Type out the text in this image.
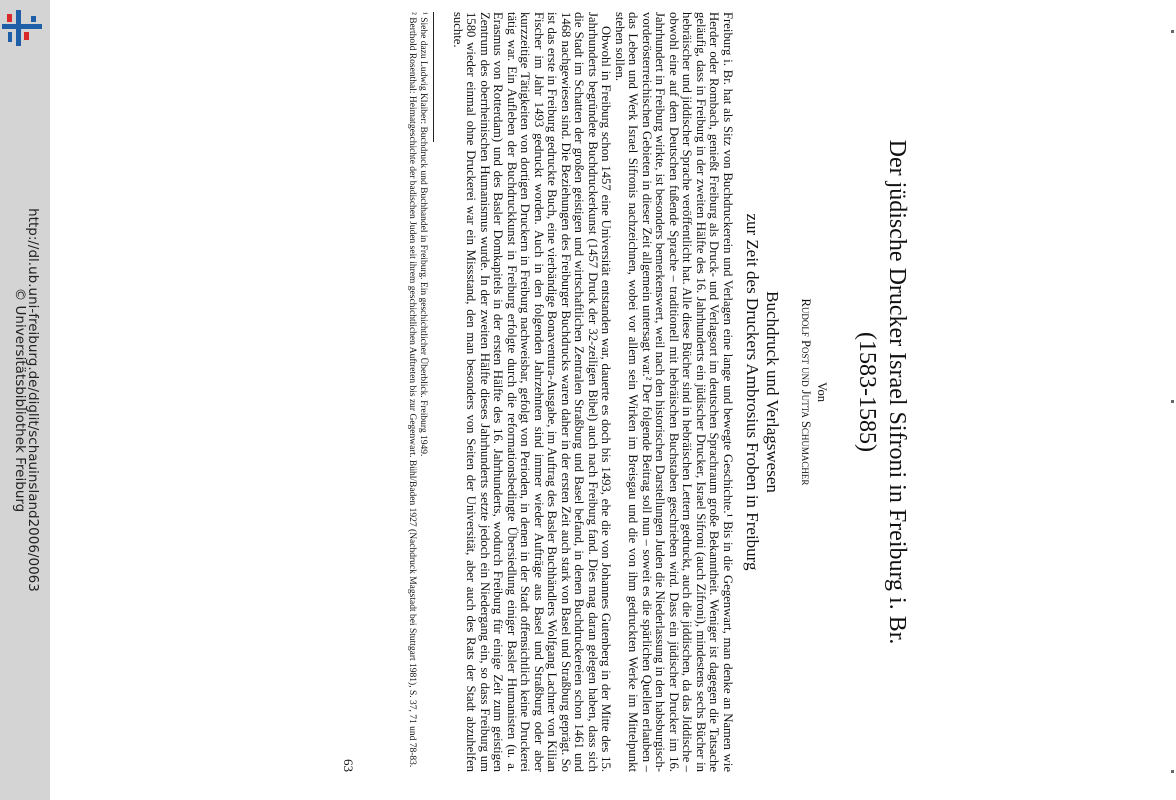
http://dl.ub.uni-freiburg.de/diglit/schauinsland2006/0063
© Universitätsbibliothek Freiburg	Der jüdische Drucker Israel Sifroni in Freiburg i. Br.
(1583-1585)
Von
Rudolf Post und Jutta Schumacher
Buchdruck und Verlagswesen
zur Zeit des Druckers Ambrosius Froben in Freiburg

Freiburg i. Br. hat als Sitz von Buchdruckerein und Verlagen eine lange und bewegte Geschichte.¹ Bis in die Gegenwart, man denke an Namen wie Herder oder Rombach, genießt Freiburg als Druck- und Verlagsort im deutschen Sprachraum große Bekanntheit. Weniger ist dagegen die Tatsache geläufig, dass in Freiburg in der zweiten Hälfte des 16. Jahrhunderts ein jüdischer Drucker, Israel Sifroni (auch Zifroni), mindestens sechs Bücher in hebräischer und jiddischer Sprache veröffentlicht hat. Alle diese Bücher sind in hebräischen Lettern gedruckt, auch die jiddischen, da das Jiddische – obwohl eine auf dem Deutschen fußende Sprache – traditionell mit hebräischen Buchstaben geschrieben wird. Dass ein jüdischer Drucker im 16. Jahrhundert in Freiburg wirkte, ist besonders bemerkenswert, weil nach den historischen Darstellungen Juden die Niederlassung in den habsburgisch-vorderösterreichischen Gebieten in dieser Zeit allgemein untersagt war.² Der folgende Beitrag soll nun – soweit es die spärlichen Quellen erlauben – das Leben und Werk Israel Sifronis nachzeichnen, wobei vor allem sein Wirken im Breisgau und die von ihm gedruckten Werke im Mittelpunkt stehen sollen.

Obwohl in Freiburg schon 1457 eine Universität entstanden war, dauerte es doch bis 1493, ehe die von Johannes Gutenberg in der Mitte des 15. Jahrhunderts begründete Buchdruckerkunst (1457 Druck der 32-zeiligen Bibel) auch nach Freiburg fand. Dies mag daran gelegen haben, dass sich die Stadt im Schatten der großen geistigen und wirtschaftlichen Zentralen Straßburg und Basel befand, in denen Buchdruckereien schon 1461 und 1468 nachgewiesen sind. Die Beziehungen des Freiburger Buchdrucks waren daher in der ersten Zeit auch stark von Basel und Straßburg geprägt. So ist das erste in Freiburg gedruckte Buch, eine vierbändige Bonaventura-Ausgabe, im Auftrag des Basler Buchhändlers Wolfgang Lachner von Kilian Fischer im Jahr 1493 gedruckt worden. Auch in den folgenden Jahrzehnten sind immer wieder Aufträge aus Basel und Straßburg oder aber kurzzeitige Tätigkeiten von dortigen Druckern in Freiburg nachweisbar, gefolgt von Perioden, in denen in der Stadt offensichtlich keine Druckerei tätig war. Ein Aufleben der Buchdruckkunst in Freiburg erfolgte durch die reformationsbedingte Übersiedlung einiger Basler Humanisten (u. a. Erasmus von Rotterdam) und des Basler Domkapitels in der ersten Hälfte des 16. Jahrhunderts, wodurch Freiburg für einige Zeit zum geistigen Zentrum des oberrheinischen Humanismus wurde. In der zweiten Hälfte dieses Jahrhunderts setzte jedoch ein Niedergang ein, so dass Freiburg um 1580 wieder einmal ohne Druckerei war ein Missstand, den man besonders von Seiten der Universität, aber auch des Rats der Stadt abzuhelfen suchte.

¹ Siehe dazu Ludwig Klaiber: Buchdruck und Buchhandel in Freiburg. Ein geschichtlicher Überblick. Freiburg 1949.
² Berthold Rosenthal: Heimatgeschichte der badischen Juden seit ihrem geschichtlichen Auftreten bis zur Gegenwart. Bühl/Baden 1927 (Nachdruck Magstadt bei Stuttgart 1981), S. 37, 71 und 78-83.
63
